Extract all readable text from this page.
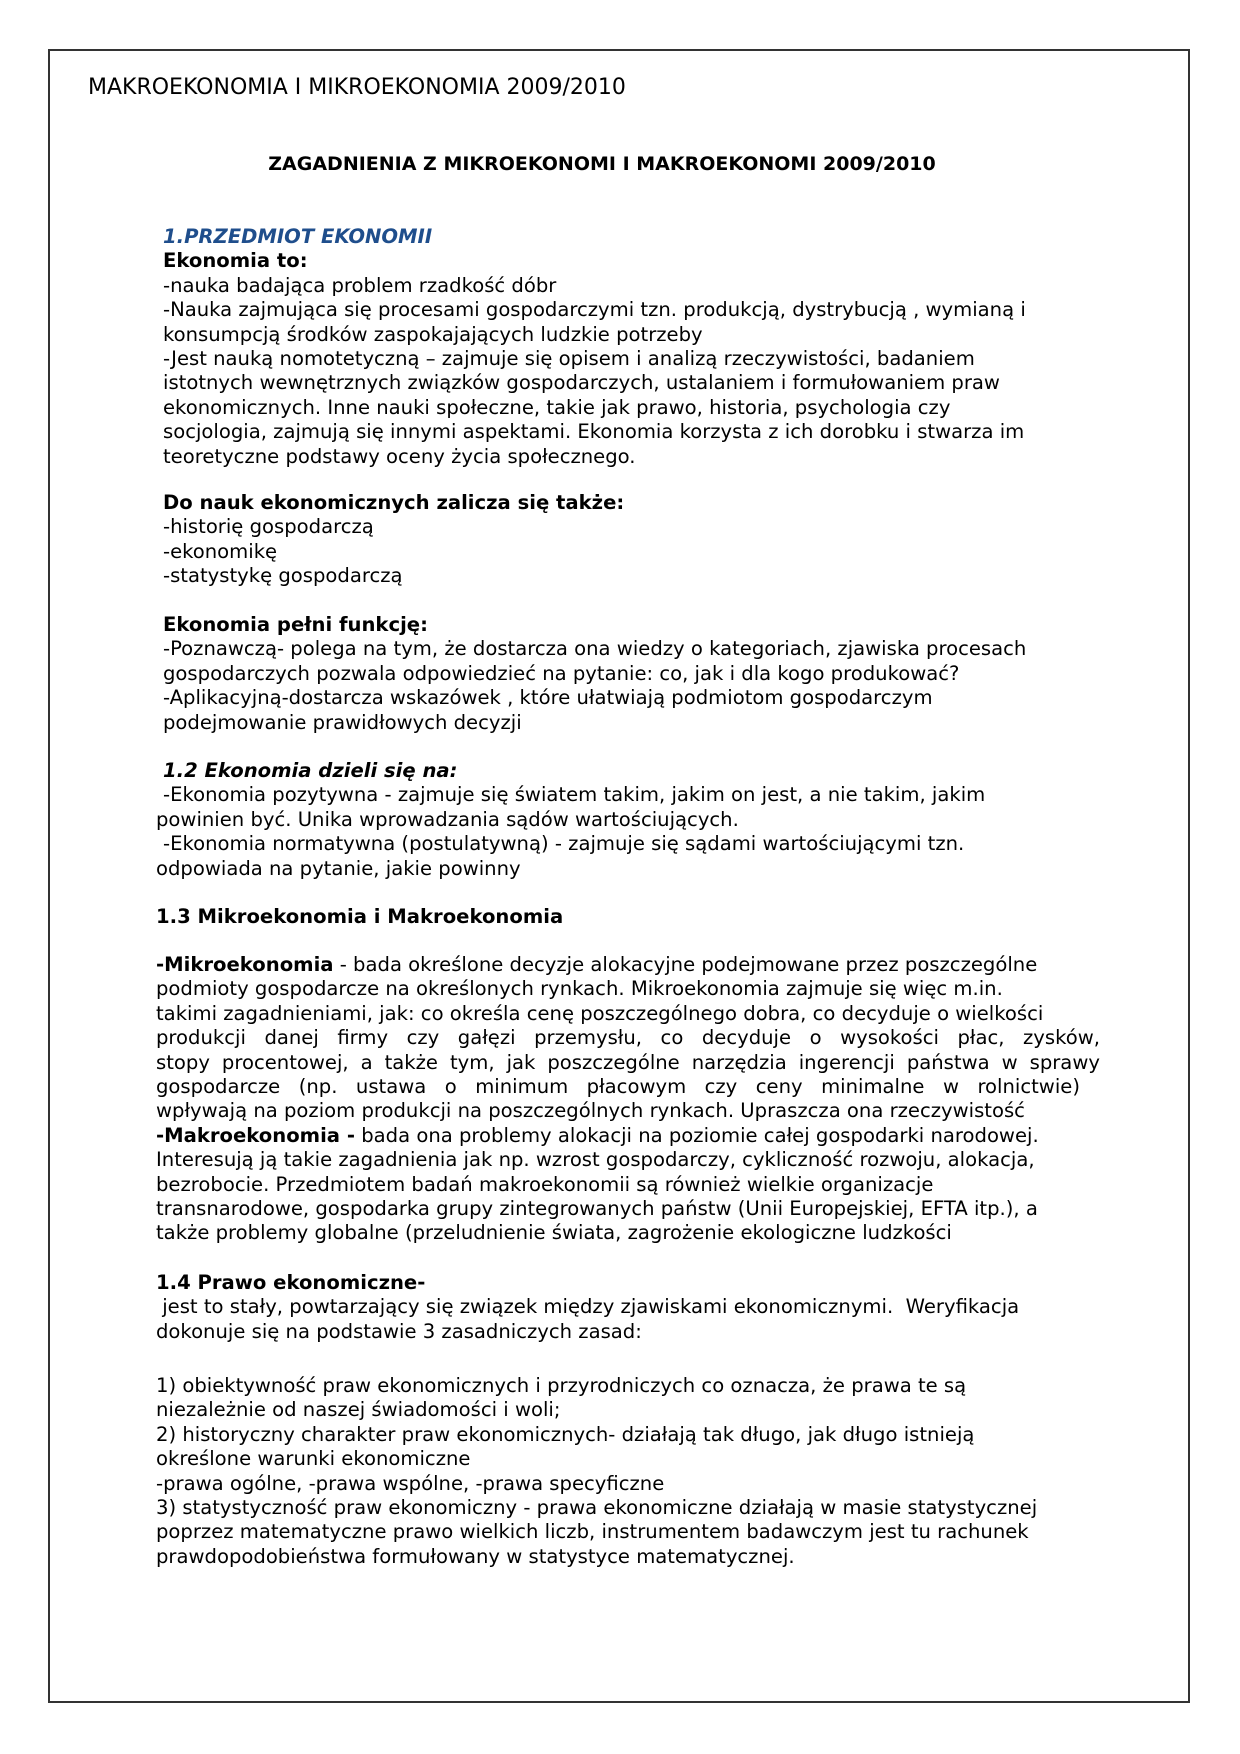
MAKROEKONOMIA I MIKROEKONOMIA 2009/2010
ZAGADNIENIA Z MIKROEKONOMI I MAKROEKONOMI 2009/2010
1.PRZEDMIOT EKONOMII
Ekonomia to:
-nauka badająca problem rzadkość dóbr
-Nauka zajmująca się procesami gospodarczymi tzn. produkcją, dystrybucją , wymianą i
konsumpcją środków zaspokajających ludzkie potrzeby
-Jest nauką nomotetyczną – zajmuje się opisem i analizą rzeczywistości, badaniem
istotnych wewnętrznych związków gospodarczych, ustalaniem i formułowaniem praw
ekonomicznych. Inne nauki społeczne, takie jak prawo, historia, psychologia czy
socjologia, zajmują się innymi aspektami. Ekonomia korzysta z ich dorobku i stwarza im
teoretyczne podstawy oceny życia społecznego.
Do nauk ekonomicznych zalicza się także:
-historię gospodarczą
-ekonomikę
-statystykę gospodarczą
Ekonomia pełni funkcję:
-Poznawczą- polega na tym, że dostarcza ona wiedzy o kategoriach, zjawiska procesach
gospodarczych pozwala odpowiedzieć na pytanie: co, jak i dla kogo produkować?
-Aplikacyjną-dostarcza wskazówek , które ułatwiają podmiotom gospodarczym
podejmowanie prawidłowych decyzji
1.2 Ekonomia dzieli się na:
-Ekonomia pozytywna - zajmuje się światem takim, jakim on jest, a nie takim, jakim
powinien być. Unika wprowadzania sądów wartościujących.
-Ekonomia normatywna (postulatywną) - zajmuje się sądami wartościującymi tzn.
odpowiada na pytanie, jakie powinny
1.3 Mikroekonomia i Makroekonomia
-Mikroekonomia - bada określone decyzje alokacyjne podejmowane przez poszczególne
podmioty gospodarcze na określonych rynkach. Mikroekonomia zajmuje się więc m.in.
takimi zagadnieniami, jak: co określa cenę poszczególnego dobra, co decyduje o wielkości
produkcji danej firmy czy gałęzi przemysłu, co decyduje o wysokości płac, zysków,
stopy procentowej, a także tym, jak poszczególne narzędzia ingerencji państwa w sprawy
gospodarcze (np. ustawa o minimum płacowym czy ceny minimalne w rolnictwie)
wpływają na poziom produkcji na poszczególnych rynkach. Upraszcza ona rzeczywistość
-Makroekonomia - bada ona problemy alokacji na poziomie całej gospodarki narodowej.
Interesują ją takie zagadnienia jak np. wzrost gospodarczy, cykliczność rozwoju, alokacja,
bezrobocie. Przedmiotem badań makroekonomii są również wielkie organizacje
transnarodowe, gospodarka grupy zintegrowanych państw (Unii Europejskiej, EFTA itp.), a
także problemy globalne (przeludnienie świata, zagrożenie ekologiczne ludzkości
1.4 Prawo ekonomiczne-
jest to stały, powtarzający się związek między zjawiskami ekonomicznymi.  Weryfikacja
dokonuje się na podstawie 3 zasadniczych zasad:
1) obiektywność praw ekonomicznych i przyrodniczych co oznacza, że prawa te są
niezależnie od naszej świadomości i woli;
2) historyczny charakter praw ekonomicznych- działają tak długo, jak długo istnieją
określone warunki ekonomiczne
-prawa ogólne, -prawa wspólne, -prawa specyficzne
3) statystyczność praw ekonomiczny - prawa ekonomiczne działają w masie statystycznej
poprzez matematyczne prawo wielkich liczb, instrumentem badawczym jest tu rachunek
prawdopodobieństwa formułowany w statystyce matematycznej.
